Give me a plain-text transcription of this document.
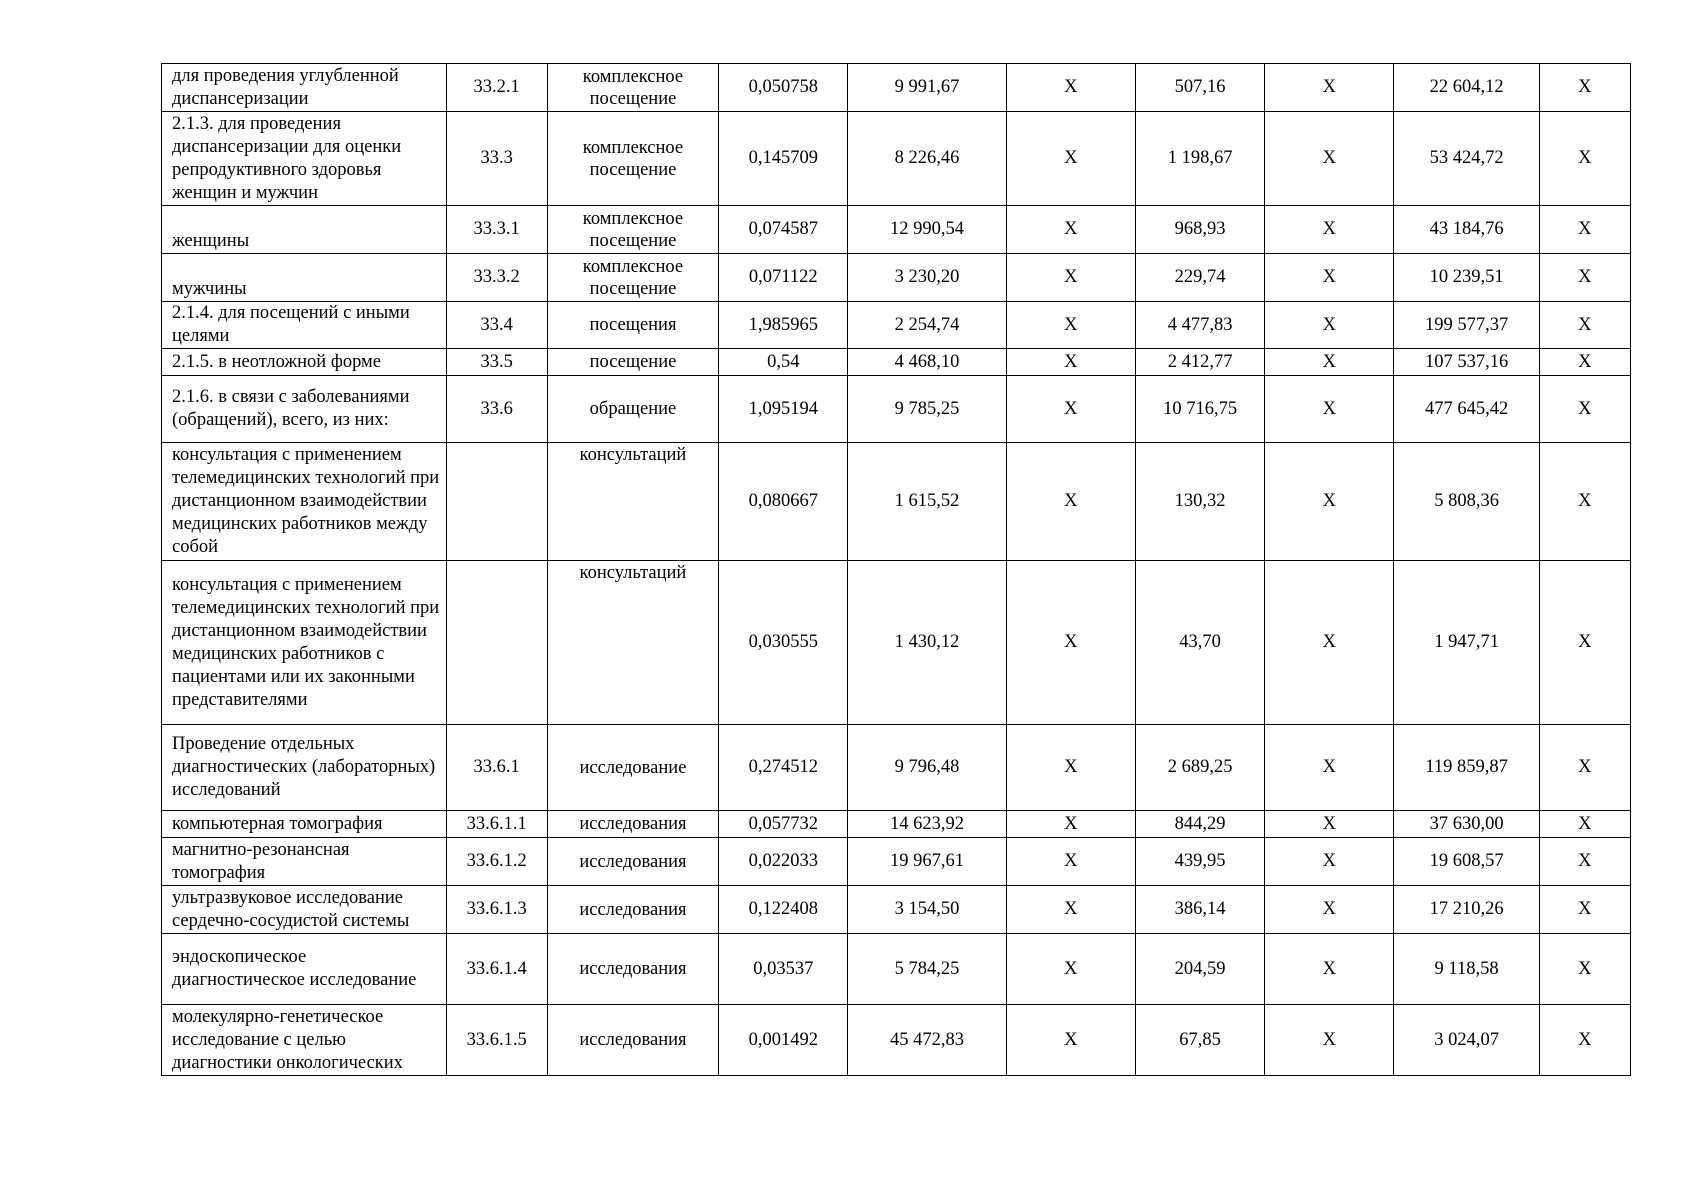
для проведения углубленной диспансеризации	33.2.1	комплексное посещение	0,050758	9 991,67	X	507,16	X	22 604,12	X
2.1.3. для проведения диспансеризации для оценки репродуктивного здоровья женщин и мужчин	33.3	комплексное посещение	0,145709	8 226,46	X	1 198,67	X	53 424,72	X
женщины	33.3.1	комплексное посещение	0,074587	12 990,54	X	968,93	X	43 184,76	X
мужчины	33.3.2	комплексное посещение	0,071122	3 230,20	X	229,74	X	10 239,51	X
2.1.4. для посещений с иными целями	33.4	посещения	1,985965	2 254,74	X	4 477,83	X	199 577,37	X
2.1.5. в неотложной форме	33.5	посещение	0,54	4 468,10	X	2 412,77	X	107 537,16	X
2.1.6. в связи с заболеваниями (обращений), всего, из них:	33.6	обращение	1,095194	9 785,25	X	10 716,75	X	477 645,42	X
консультация с применением телемедицинских технологий при дистанционном взаимодействии медицинских работников между собой		консультаций	0,080667	1 615,52	X	130,32	X	5 808,36	X
консультация с применением телемедицинских технологий при дистанционном взаимодействии медицинских работников с пациентами или их законными представителями		консультаций	0,030555	1 430,12	X	43,70	X	1 947,71	X
Проведение отдельных диагностических (лабораторных) исследований	33.6.1	исследование	0,274512	9 796,48	X	2 689,25	X	119 859,87	X
компьютерная томография	33.6.1.1	исследования	0,057732	14 623,92	X	844,29	X	37 630,00	X
магнитно-резонансная томография	33.6.1.2	исследования	0,022033	19 967,61	X	439,95	X	19 608,57	X
ультразвуковое исследование сердечно-сосудистой системы	33.6.1.3	исследования	0,122408	3 154,50	X	386,14	X	17 210,26	X
эндоскопическое диагностическое исследование	33.6.1.4	исследования	0,03537	5 784,25	X	204,59	X	9 118,58	X
молекулярно-генетическое исследование с целью диагностики онкологических	33.6.1.5	исследования	0,001492	45 472,83	X	67,85	X	3 024,07	X
